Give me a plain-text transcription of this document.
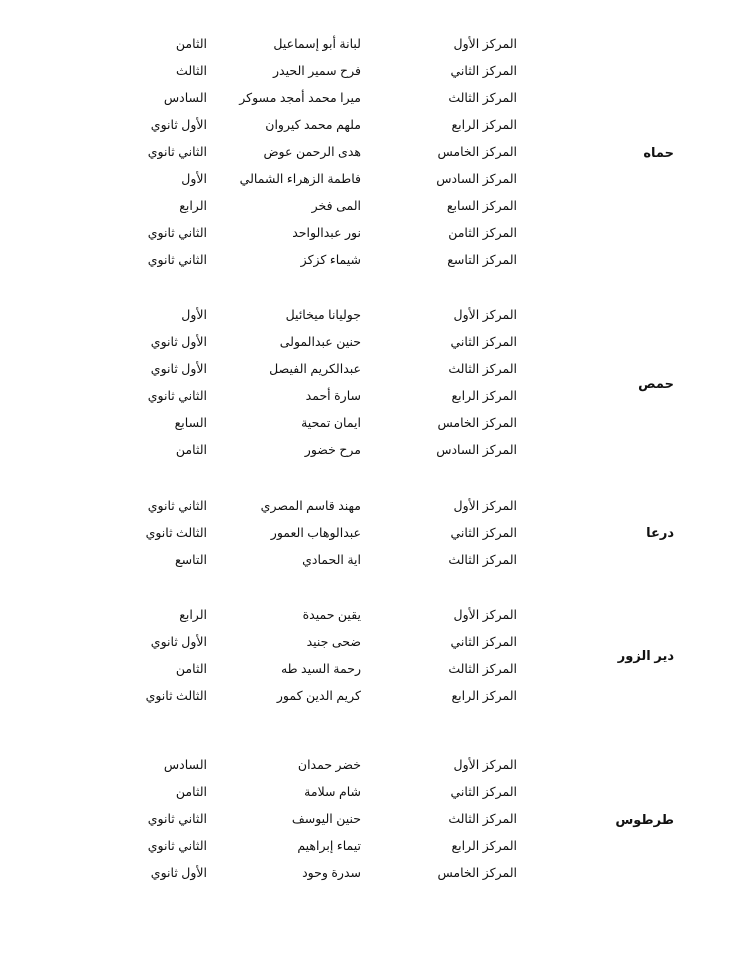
حماه
المركز الأول
لبانة أبو إسماعيل
الثامن
المركز الثاني
فرح سمير الحيدر
الثالث
المركز الثالث
ميرا محمد أمجد مسوكر
السادس
المركز الرابع
ملهم محمد كيروان
الأول ثانوي
المركز الخامس
هدى الرحمن عوض
الثاني ثانوي
المركز السادس
فاطمة الزهراء الشمالي
الأول
المركز السابع
المى فخر
الرابع
المركز الثامن
نور عبدالواحد
الثاني ثانوي
المركز التاسع
شيماء كزكز
الثاني ثانوي
حمص
المركز الأول
جوليانا ميخائيل
الأول
المركز الثاني
حنين عبدالمولى
الأول ثانوي
المركز الثالث
عبدالكريم الفيصل
الأول ثانوي
المركز الرابع
سارة أحمد
الثاني ثانوي
المركز الخامس
ايمان تمحية
السابع
المركز السادس
مرح خضور
الثامن
درعا
المركز الأول
مهند قاسم المصري
الثاني ثانوي
المركز الثاني
عبدالوهاب العمور
الثالث ثانوي
المركز الثالث
اية الحمادي
التاسع
دير الزور
المركز الأول
يقين حميدة
الرابع
المركز الثاني
ضحى جنيد
الأول ثانوي
المركز الثالث
رحمة السيد طه
الثامن
المركز الرابع
كريم الدين كمور
الثالث ثانوي
طرطوس
المركز الأول
خضر حمدان
السادس
المركز الثاني
شام سلامة
الثامن
المركز الثالث
حنين اليوسف
الثاني ثانوي
المركز الرابع
تيماء إبراهيم
الثاني ثانوي
المركز الخامس
سدرة وحود
الأول ثانوي
